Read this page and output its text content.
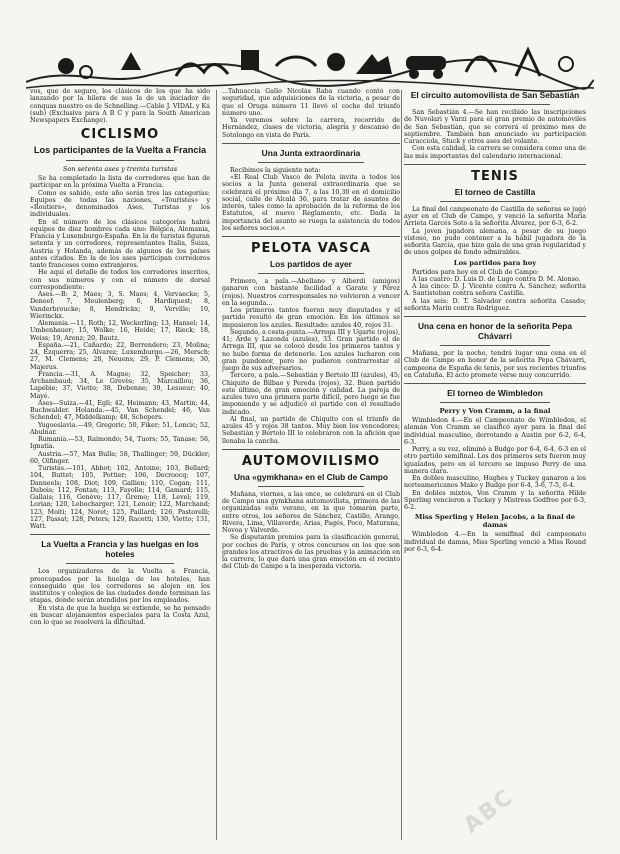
vos, que de seguro, los clásicos de los que ha sido lanzando por la hilera de sus la de un iniciador de conquas nuestro es de Schnelling.—Cable J. VIDAL y Ká (sub) (Exclusiva para A B C y para la South American Newspapers Exchange).

CICLISMO
Los participantes de la Vuelta a Francia
Son setenta ases y treinta turistas

Se ha completado la lista de corredores que han de participar en la próxima Vuelta a Francia.

Como es sabido, este año serán tres las categorías: Equipos de todas las naciones, «Touristes» y «Routiers», denominados Ases, Turistas y los individuales.

En el número de los clásicos categorías habrá equipos de diez hombres cada uno: Bélgica, Alemania, Francia y Luxemburgo-España. En la de turistas figuran setenta y un corredores, representantes Italia, Suiza, Austria y Holanda, además de algunos de los países antes citados. En la de los ases participan corredores tanto franceses como extranjeros.

He aquí el detalle de todos los corredores inscritos, con sus números y con el número de dorsal correspondiente:

Ases.—B: 2, Maes; 3, S. Maes; 4, Vervaecke; 5, Deneef; 7, Meulenberg; 6, Hardiquest; 8, Vanderbroucke; 8, Hendrickx; 9, Verville; 10, Wierinckx.

Alemania.—11, Roth; 12, Weckerling; 13, Hansel; 14, Umbenhauer; 15, Wolke; 16, Heide; 17, Rieck; 18, Weiss; 19, Arenz; 20, Bautz.

España.—21, Cañardo; 22, Berrendero; 23, Molina; 24, Ezquerra; 25, Alvarez; Luxemburgo.—26, Mersch; 27, M. Clemens; 28, Neuens; 29, P. Clemens; 30, Majerus.

Francia.—31, A. Magne; 32, Speicher; 33, Archambaud; 34, Le Grevès; 35, Marcaillou; 36, Lapébie; 37, Vietto; 38, Debenne; 39, Lesueur; 40, Mayé.

Ases—Suiza.—41, Egli; 42, Heimann; 43, Martin; 44, Buchwalder. Holanda.—45, Van Schendel; 46, Van Schendel; 47, Middelkamp; 48, Schepers.

Yugoeslavia.—49, Gregoric; 50, Fiker; 51, Loncic; 52, Abulnar.

Rumania.—53, Raimondo; 54, Tuors; 55, Tanase; 56, Ignatia.

Austria.—57, Max Bulla; 58, Thallinger; 59, Dückler; 60, Olfinger.

Turistas.—101, Abbot; 102, Antoine; 103, Bellard; 104, Buttet; 105, Pottier; 106, Decroocq; 107, Danneels; 108, Diot; 109, Gallien; 110, Cogan; 111, Dubois; 112, Fontan; 113, Fayolle; 114, Gamard; 115, Gallais; 116, Genève; 117, Gremo; 118, Level; 119, Lorian; 120, Lebocharger; 121, Lenoir; 122, Marchand; 123, Moiti; 124, Noret; 125, Paillard; 126, Pastorelli; 127, Passat; 128, Peters; 129, Racetti; 130, Vietto; 131, Watt.

La Vuelta a Francia y las huelgas en los hoteles

Los organizadores de la Vuelta a Francia, preocupados por la huelga de los hoteles, han conseguido que los corredores se alojen en los institutos y colegios de las ciudades donde terminan las etapas, donde serán atendidos por los empleados.

En vista de que la huelga se extiende, se ha pensado en buscar alojamientos especiales para la Costa Azul, con lo que se resolverá la dificultad.

...Tahuaccia Gallo Nicolás Raba cuando contó con seguridad, que adquisiciones de la victoria, a pesar de que el Oruga número 11 llevó el coche del triunfo número uno.

Ya veremos sobre la carrera, recorrido de Hernández, clases de victoria, alegría y descanso de Sotolongo en vista de París.

Una Junta extraordinaria

Recibimos la siguiente nota:

«El Real Club Vasco de Pelota invita a todos los socios a la Junta general extraordinaria que se celebrará el próximo día 7, a las 10,30 en el domicilio social, calle de Alcalá 36, para tratar de asuntos de interés, tales como la aprobación de la reforma de los Estatutos, el nuevo Reglamento, etc. Dada la importancia del asunto se ruega la asistencia de todos los señores socios.»

PELOTA VASCA
Los partidos de ayer

Primero, a pala.—Abellano y Alberdi (amigos) ganaron con bastante facilidad a Garate y Pérez (rojos). Nuestros corresponsales no volvieron a vencer en la segunda...

Los primeros tantos fueron muy disputados y el partido resultó de gran emoción. En los últimos se impusieron los azules. Resultado: azules 40, rojos 31.

Segundo, a cesta-punta.—Arrega III y Ugarte (rojos), 41; Arde y Lazonda (azules), 33. Gran partido el de Arrega III, que se colocó desde los primeros tantos y no hubo forma de detenerle. Los azules lucharon con gran pundonor, pero no pudieron contrarrestar el juego de sus adversarios.

Tercero, a pala.—Sebastián y Bertolo III (azules), 45; Chiquito de Bilbao y Pereda (rojos), 32. Buen partido este último, de gran emoción y calidad. La pareja de azules tuvo una primera parte difícil, pero luego se fue imponiendo y se adjudicó el partido con el resultado indicado.

Al final, un partido de Chiquito con el triunfo de azules 45 y rojos 38 tantos. Muy bien los vencedores; Sebastián y Bertolo III lo celebraron con la afición que llenaba la cancha.

AUTOMOVILISMO
Una «gymkhana» en el Club de Campo

Mañana, viernes, a las once, se celebrará en el Club de Campo una gymkhana automovilista, primera de las organizadas este verano, en la que tomarán parte, entre otros, los señores de Sánchez, Castillo, Arango, Rivera, Lima, Villaverde, Arias, Pagés, Poco, Maturana, Novoa y Valverde.

Se disputarán premios para la clasificación general, por coches de París, y otros concursos en los que son grandes los atractivos de las pruebas y la animación en la carrera, lo que dará una gran emoción en el recinto del Club de Campo a la inesperada victoria.

El circuito automovilista de San Sebastián

San Sebastián 4.—Se han recibido las inscripciones de Nuvolari y Varzi para el gran premio de automóviles de San Sebastián, que se correrá el próximo mes de septiembre. También han anunciado su participación Caracciola, Stuck y otros ases del volante.

Con esta calidad, la carrera se considera como una de las más importantes del calendario internacional.

TENIS
El torneo de Castilla

La final del campeonato de Castilla de señoras se jugó ayer en el Club de Campo, y venció la señorita María Arrieta Garcés Soto a la señorita Álvarez, por 6-3, 6-2.

La joven jugadora alemana, a pesar de su juego vistoso, no pudo contener a la hábil jugadora de la señorita García, que hizo gala de una gran regularidad y de unos golpes de fondo admirables.

Los partidos para hoy

Partidos para hoy en el Club de Campo:

A las cuatro: D. Luis D. de Lugo contra D. M. Alonso.

A las cinco: D. J. Vicente contra A. Sánchez; señorita A. Santisteban contra señora Castilla.

A las seis: D. T. Salvador contra señorita Casado; señorita Marín contra Rodríguez.

Una cena en honor de la señorita Pepa Chávarri

Mañana, por la noche, tendrá lugar una cena en el Club de Campo en honor de la señorita Pepa Chávarri, campeona de España de tenis, por sus recientes triunfos en Cataluña. El acto promete verse muy concurrido.

El torneo de Wimbledon
Perry y Von Cramm, a la final

Wimbledon 4.—En el Campeonato de Wimbledon, el alemán Von Cramm se clasificó ayer para la final del individual masculino, derrotando a Austin por 6-2, 6-4, 6-3.

Perry, a su vez, eliminó a Budge por 6-4, 6-4, 6-3 en el otro partido semifinal. Los dos primeros sets fueron muy igualados, pero en el tercero se impuso Perry de una manera clara.

En dobles masculino, Hughes y Tuckey ganaron a los norteamericanos Mako y Budge por 6-4, 3-6, 7-5, 6-4.

En dobles mixtos, Von Cramm y la señorita Hilde Sperling vencieron a Tuckey y Mistress Godfree por 6-3, 6-2.

Miss Sperling y Helen Jacobs, a la final de damas

Wimbledon 4.—En la semifinal del campeonato individual de damas, Miss Sperling venció a Miss Round por 6-3, 6-4.

ABC
